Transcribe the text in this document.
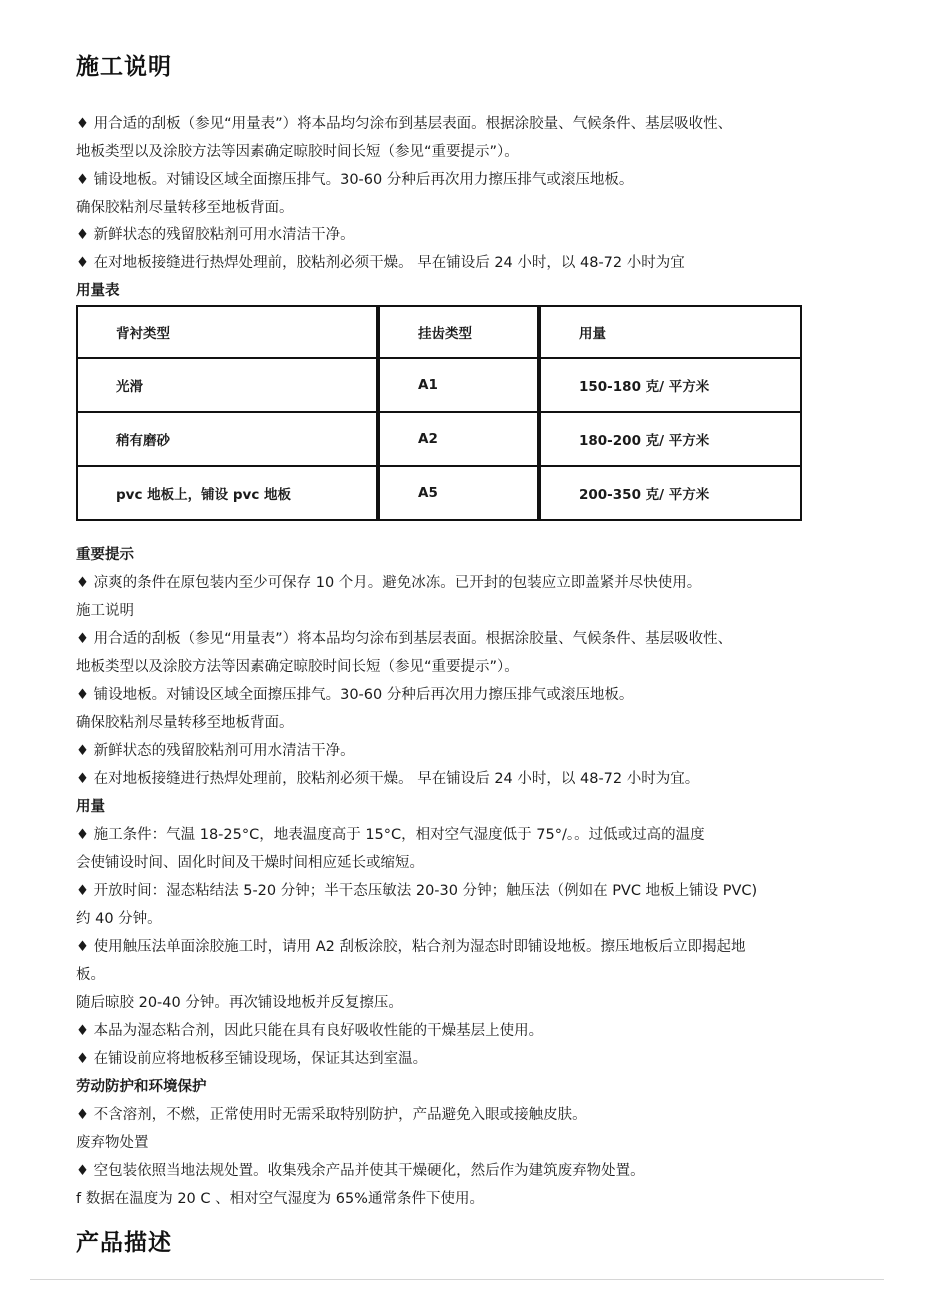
施工说明
♦ 用合适的刮板（参见“用量表”）将本品均匀涂布到基层表面。根据涂胶量、气候条件、基层吸收性、
地板类型以及涂胶方法等因素确定晾胶时间长短（参见“重要提示”）。
♦ 铺设地板。对铺设区域全面擦压排气。30-60 分种后再次用力擦压排气或滚压地板。
确保胶粘剂尽量转移至地板背面。
♦ 新鲜状态的残留胶粘剂可用水清洁干净。
♦ 在对地板接缝进行热焊处理前，胶粘剂必须干燥。 早在铺设后 24 小时，以 48-72 小时为宜
用量表
背衬类型	挂齿类型	用量
光滑	A1	150-180 克/ 平方米
稍有磨砂	A2	180-200 克/ 平方米
pvc 地板上，铺设 pvc 地板	A5	200-350 克/ 平方米
重要提示
♦ 凉爽的条件在原包装内至少可保存 10 个月。避免冰冻。已开封的包装应立即盖紧并尽快使用。
施工说明
♦ 用合适的刮板（参见“用量表”）将本品均匀涂布到基层表面。根据涂胶量、气候条件、基层吸收性、
地板类型以及涂胶方法等因素确定晾胶时间长短（参见“重要提示”）。
♦ 铺设地板。对铺设区域全面擦压排气。30-60 分种后再次用力擦压排气或滚压地板。
确保胶粘剂尽量转移至地板背面。
♦ 新鲜状态的残留胶粘剂可用水清洁干净。
♦ 在对地板接缝进行热焊处理前，胶粘剂必须干燥。 早在铺设后 24 小时，以 48-72 小时为宜。
用量
♦ 施工条件：气温 18-25°C，地表温度高于 15°C，相对空气湿度低于 75°/。。过低或过高的温度
会使铺设时间、固化时间及干燥时间相应延长或缩短。
♦ 开放时间：湿态粘结法 5-20 分钟；半干态压敏法 20-30 分钟；触压法（例如在 PVC 地板上铺设 PVC)
约 40 分钟。
♦ 使用触压法单面涂胶施工时，请用 A2 刮板涂胶，粘合剂为湿态时即铺设地板。擦压地板后立即揭起地
板。
随后晾胶 20-40 分钟。再次铺设地板并反复擦压。
♦ 本品为湿态粘合剂，因此只能在具有良好吸收性能的干燥基层上使用。
♦ 在铺设前应将地板移至铺设现场，保证其达到室温。
劳动防护和环境保护
♦ 不含溶剂，不燃，正常使用时无需采取特别防护，产品避免入眼或接触皮肤。
废弃物处置
♦ 空包装依照当地法规处置。收集残余产品并使其干燥硬化，然后作为建筑废弃物处置。
f 数据在温度为 20 C 、相对空气湿度为 65%通常条件下使用。
产品描述
